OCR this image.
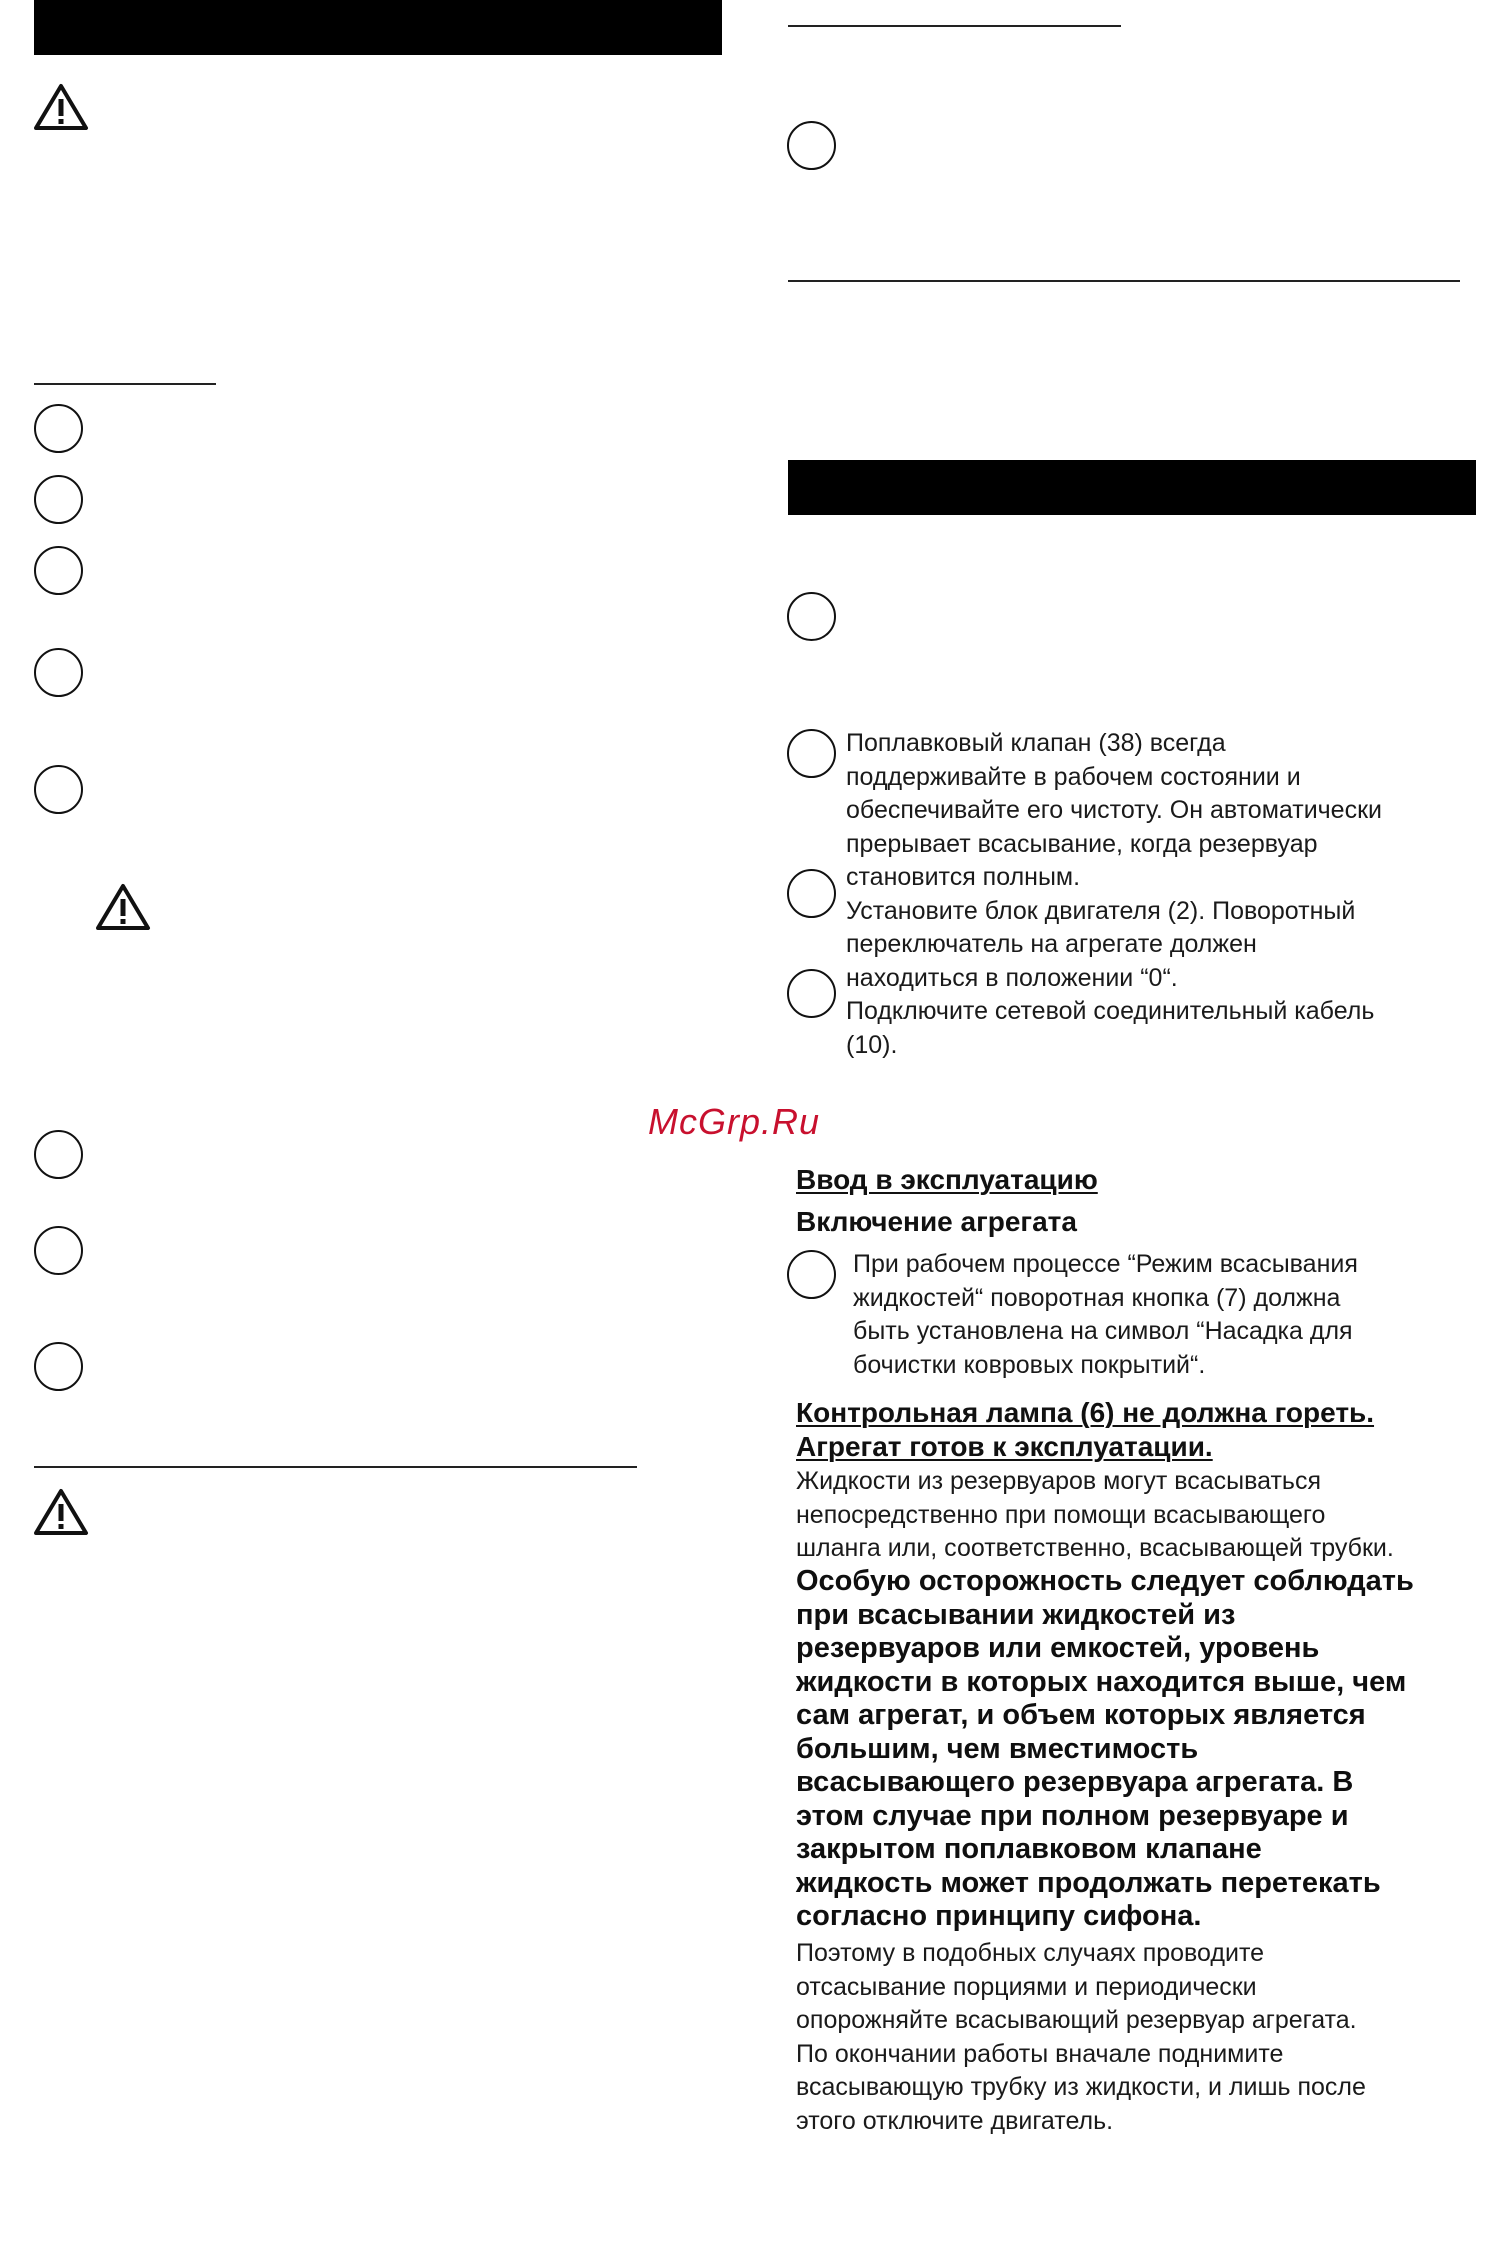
Поплавковый клапан (38) всегда
поддерживайте в рабочем состоянии и
обеспечивайте его чистоту. Он автоматически
прерывает всасывание, когда резервуар
становится полным.
Установите блок двигателя (2). Поворотный
переключатель на агрегате должен
находиться в положении “0“.
Подключите сетевой соединительный кабель
(10).
McGrp.Ru
Ввод в эксплуатацию
Включение агрегата
При рабочем процессе “Режим всасывания
жидкостей“ поворотная кнопка (7) должна
быть установлена на символ “Насадка для
бочистки ковровых покрытий“.
Контрольная лампа (6) не должна гореть.
Агрегат готов к эксплуатации.
Жидкости из резервуаров могут всасываться
непосредственно при помощи всасывающего
шланга или, соответственно, всасывающей трубки.
Особую осторожность следует соблюдать
при всасывании жидкостей из
резервуаров или емкостей, уровень
жидкости в которых находится выше, чем
сам агрегат, и объем которых является
большим, чем вместимость
всасывающего резервуара агрегата. В
этом случае при полном резервуаре и
закрытом поплавковом клапане
жидкость может продолжать перетекать
согласно принципу сифона.
Поэтому в подобных случаях проводите
отсасывание порциями и периодически
опорожняйте всасывающий резервуар агрегата.
По окончании работы вначале поднимите
всасывающую трубку из жидкости, и лишь после
этого отключите двигатель.
